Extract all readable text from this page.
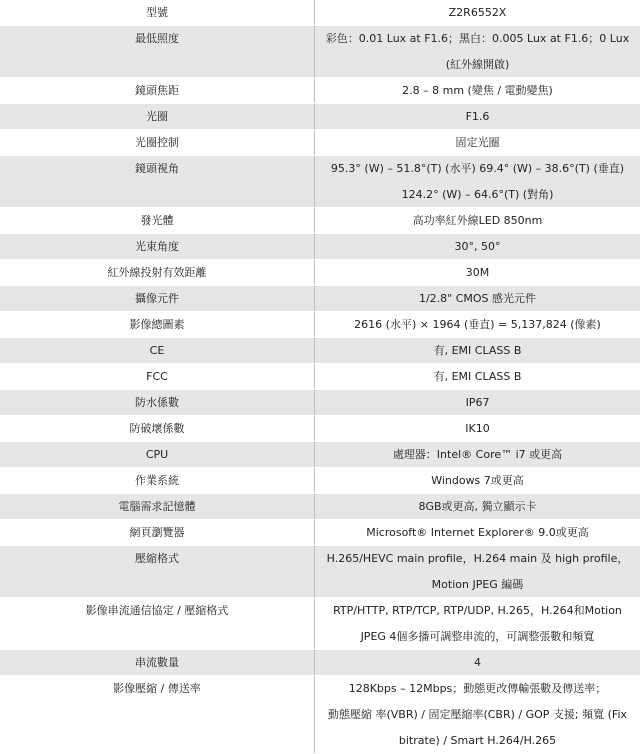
型號	Z2R6552X
最低照度	彩色：0.01 Lux at F1.6；黑白：0.005 Lux at F1.6；0 Lux
(紅外線開啟)
鏡頭焦距	2.8 – 8 mm (變焦 / 電動變焦)
光圈	F1.6
光圈控制	固定光圈
鏡頭視角	95.3° (W) – 51.8°(T) (水平) 69.4° (W) – 38.6°(T) (垂直)
124.2° (W) – 64.6°(T) (對角)
發光體	高功率紅外線LED 850nm
光束角度	30°, 50°
紅外線投射有效距離	30M
攝像元件	1/2.8" CMOS 感光元件
影像總圖素	2616 (水平) × 1964 (垂直) = 5,137,824 (像素)
CE	有, EMI CLASS B
FCC	有, EMI CLASS B
防水係數	IP67
防破壞係數	IK10
CPU	處理器：Intel® Core™ i7 或更高
作業系統	Windows 7或更高
電腦需求記憶體	8GB或更高, 獨立顯示卡
網頁瀏覽器	Microsoft® Internet Explorer® 9.0或更高
壓縮格式	H.265/HEVC main profile，H.264 main 及 high profile，
Motion JPEG 編碼
影像串流通信協定 / 壓縮格式	RTP/HTTP, RTP/TCP, RTP/UDP, H.265，H.264和Motion
JPEG 4個多播可調整串流的，可調整張數和頻寬
串流數量	4
影像壓縮 / 傳送率	128Kbps – 12Mbps；動態更改傳輸張數及傳送率；
動態壓縮 率(VBR) / 固定壓縮率(CBR) / GOP 支援; 頻寬 (Fix
bitrate) / Smart H.264/H.265
